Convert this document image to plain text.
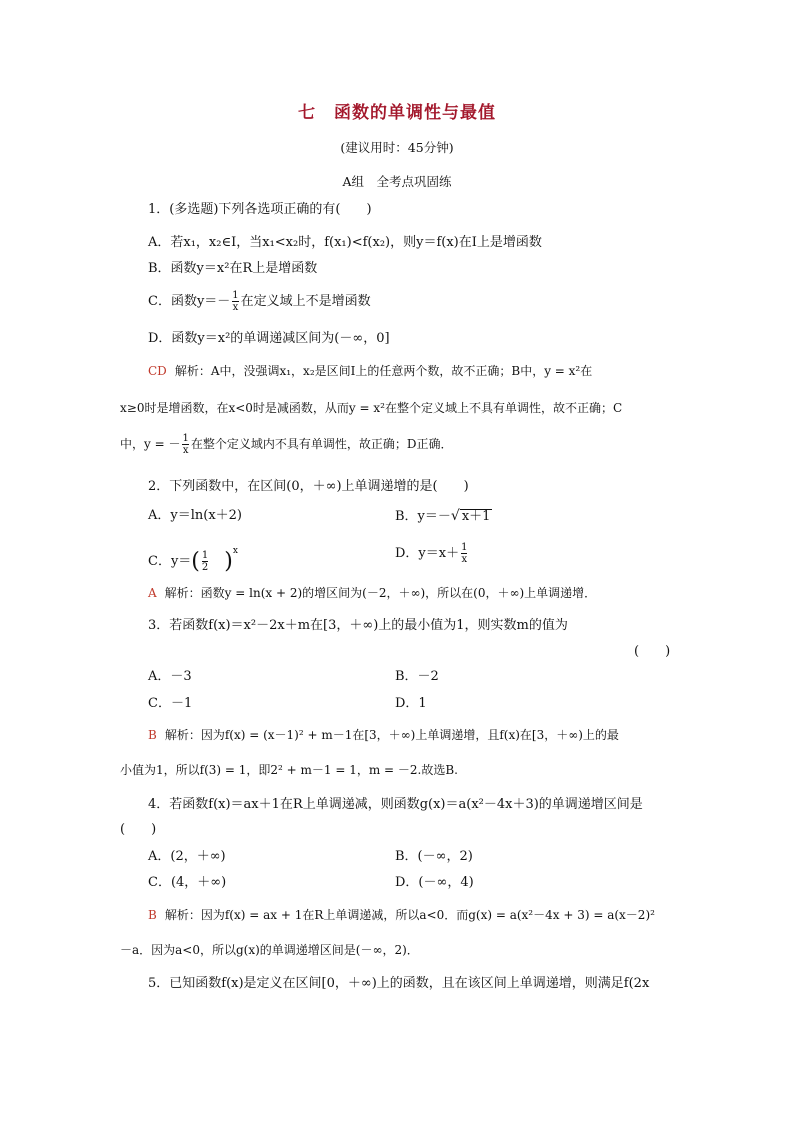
七　函数的单调性与最值
(建议用时：45分钟)
A组　全考点巩固练
1．(多选题)下列各选项正确的有(　　)
A．若x₁，x₂∈I，当x₁<x₂时，f(x₁)<f(x₂)，则y＝f(x)在I上是增函数
B．函数y＝x²在R上是增函数
C．函数$y=- \frac{1}{x}$ 在定义域上不是增函数
D．函数y＝x²的单调递减区间为(－∞，0]
CD 解析：A中，没强调x₁，x₂是区间I上的任意两个数，故不正确；B中，y = x²在
x≥0时是增函数，在x<0时是减函数，从而y = x²在整个定义域上不具有单调性，故不正确；C
中，y = － $\frac{1}{x}$ 在整个定义域内不具有单调性，故正确；D正确．
2．下列函数中，在区间(0，＋∞)上单调递增的是(　　)
A．y＝ln(x＋2)	B．y＝－√ x＋1
C．$y=( \frac{1}{2} )^x$	D．$y=x+ \frac{1}{x}$
A 解析：函数y = ln(x + 2)的增区间为(－2，＋∞)，所以在(0，＋∞)上单调递增．
3．若函数f(x)＝x²－2x＋m在[3，＋∞)上的最小值为1，则实数m的值为
(　　)
A．－3	B．－2
C．－1	D．1
B 解析：因为f(x) = (x－1)² + m－1在[3，＋∞)上单调递增，且f(x)在[3，＋∞)上的最
小值为1，所以f(3) = 1，即2² + m－1 = 1，m = －2.故选B.
4．若函数f(x)＝ax＋1在R上单调递减，则函数g(x)＝a(x²－4x＋3)的单调递增区间是
(　　)
A．(2，＋∞)	B．(－∞，2)
C．(4，＋∞)	D．(－∞，4)
B 解析：因为f(x) = ax + 1在R上单调递减，所以a<0．而g(x) = a(x²－4x + 3) = a(x－2)²
－a．因为a<0，所以g(x)的单调递增区间是(－∞，2)．
5．已知函数f(x)是定义在区间[0，＋∞)上的函数，且在该区间上单调递增，则满足f(2x
